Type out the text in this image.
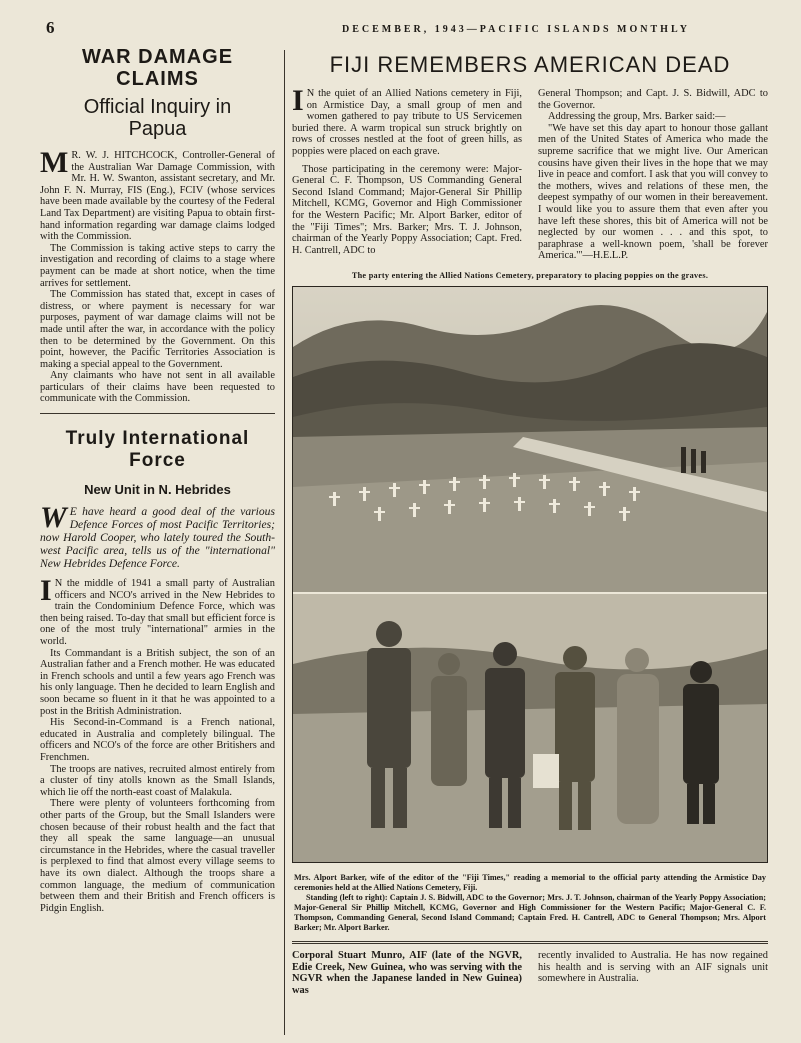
6	DECEMBER, 1943—PACIFIC ISLANDS MONTHLY
WAR DAMAGE
CLAIMS
Official Inquiry in
Papua

M R. W. J. HITCHCOCK, Controller-General of the Australian War Damage Commission, with Mr. H. W. Swanton, assistant secretary, and Mr. John F. N. Murray, FIS (Eng.), FCIV (whose services have been made available by the courtesy of the Federal Land Tax Department) are visiting Papua to obtain first-hand information regarding war damage claims lodged with the Commission.

The Commission is taking active steps to carry the investigation and recording of claims to a stage where payment can be made at short notice, when the time arrives for settlement.

The Commission has stated that, except in cases of distress, or where payment is necessary for war purposes, payment of war damage claims will not be made until after the war, in accordance with the policy then to be determined by the Government. On this point, however, the Pacific Territories Association is making a special appeal to the Government.

Any claimants who have not sent in all available particulars of their claims have been requested to communicate with the Commission.

Truly International
Force
New Unit in N. Hebrides

W E have heard a good deal of the various Defence Forces of most Pacific Territories; now Harold Cooper, who lately toured the South-west Pacific area, tells us of the "international" New Hebrides Defence Force.

I N the middle of 1941 a small party of Australian officers and NCO's arrived in the New Hebrides to train the Condominium Defence Force, which was then being raised. To-day that small but efficient force is one of the most truly "international" armies in the world.

Its Commandant is a British subject, the son of an Australian father and a French mother. He was educated in French schools and until a few years ago French was his only language. Then he decided to learn English and soon became so fluent in it that he was appointed to a post in the British Administration.

His Second-in-Command is a French national, educated in Australia and completely bilingual. The officers and NCO's of the force are other Britishers and Frenchmen.

The troops are natives, recruited almost entirely from a cluster of tiny atolls known as the Small Islands, which lie off the north-east coast of Malakula.

There were plenty of volunteers forthcoming from other parts of the Group, but the Small Islanders were chosen because of their robust health and the fact that they all speak the same language—an unusual circumstance in the Hebrides, where the casual traveller is perplexed to find that almost every village seems to have its own dialect. Although the troops share a common language, the medium of communication between them and their British and French officers is Pidgin English.

FIJI REMEMBERS AMERICAN DEAD

I N the quiet of an Allied Nations cemetery in Fiji, on Armistice Day, a small group of men and women gathered to pay tribute to US Servicemen buried there. A warm tropical sun struck brightly on rows of crosses nestled at the foot of green hills, as poppies were placed on each grave.

Those participating in the ceremony were: Major-General C. F. Thompson, US Commanding General Second Island Command; Major-General Sir Phillip Mitchell, KCMG, Governor and High Commissioner for the Western Pacific; Mr. Alport Barker, editor of the "Fiji Times"; Mrs. Barker; Mrs. T. J. Johnson, chairman of the Yearly Poppy Association; Capt. Fred. H. Cantrell, ADC to

General Thompson; and Capt. J. S. Bidwill, ADC to the Governor.

Addressing the group, Mrs. Barker said:—

"We have set this day apart to honour those gallant men of the United States of America who made the supreme sacrifice that we might live. Our American cousins have given their lives in the hope that we may live in peace and comfort. I ask that you will convey to the mothers, wives and relations of these men, the deepest sympathy of our women in their bereavement. I would like you to assure them that even after you have left these shores, this bit of America will not be neglected by our women . . . and this spot, to paraphrase a well-known poem, 'shall be forever America.'"—H.E.L.P.

The party entering the Allied Nations Cemetery, preparatory to placing poppies on the graves.
Mrs. Alport Barker, wife of the editor of the "Fiji Times," reading a memorial to the official party attending the Armistice Day ceremonies held at the Allied Nations Cemetery, Fiji.
Standing (left to right): Captain J. S. Bidwill, ADC to the Governor; Mrs. J. T. Johnson, chairman of the Yearly Poppy Association; Major-General Sir Phillip Mitchell, KCMG, Governor and High Commissioner for the Western Pacific; Major-General C. F. Thompson, Commanding General, Second Island Command; Captain Fred. H. Cantrell, ADC to General Thompson; Mrs. Alport Barker; Mr. Alport Barker.

Corporal Stuart Munro, AIF (late of the NGVR, Edie Creek, New Guinea, who was serving with the NGVR when the Japanese landed in New Guinea) was

recently invalided to Australia. He has now regained his health and is serving with an AIF signals unit somewhere in Australia.
